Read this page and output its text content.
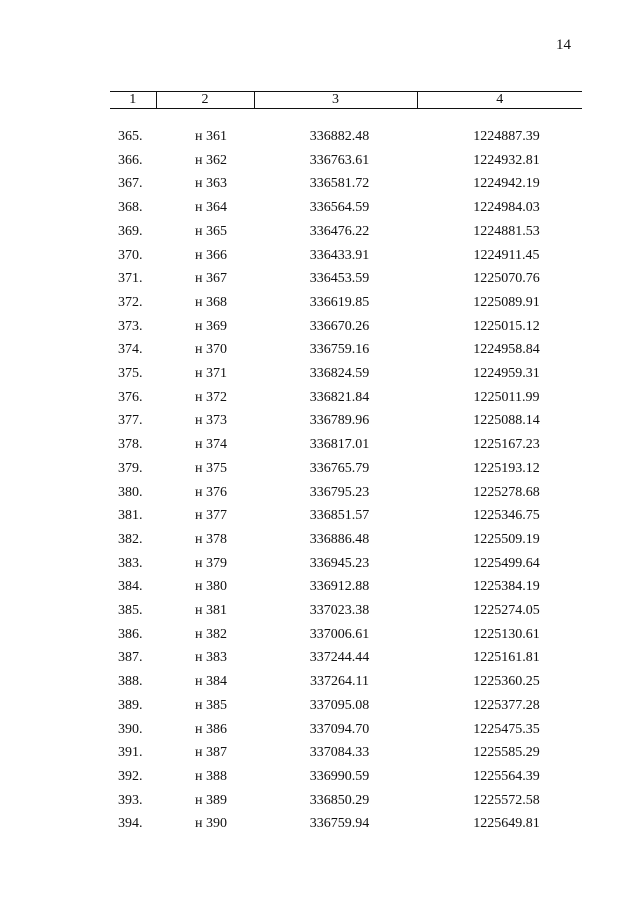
14
1	2	3	4

365.	н 361	336882.48	1224887.39
366.	н 362	336763.61	1224932.81
367.	н 363	336581.72	1224942.19
368.	н 364	336564.59	1224984.03
369.	н 365	336476.22	1224881.53
370.	н 366	336433.91	1224911.45
371.	н 367	336453.59	1225070.76
372.	н 368	336619.85	1225089.91
373.	н 369	336670.26	1225015.12
374.	н 370	336759.16	1224958.84
375.	н 371	336824.59	1224959.31
376.	н 372	336821.84	1225011.99
377.	н 373	336789.96	1225088.14
378.	н 374	336817.01	1225167.23
379.	н 375	336765.79	1225193.12
380.	н 376	336795.23	1225278.68
381.	н 377	336851.57	1225346.75
382.	н 378	336886.48	1225509.19
383.	н 379	336945.23	1225499.64
384.	н 380	336912.88	1225384.19
385.	н 381	337023.38	1225274.05
386.	н 382	337006.61	1225130.61
387.	н 383	337244.44	1225161.81
388.	н 384	337264.11	1225360.25
389.	н 385	337095.08	1225377.28
390.	н 386	337094.70	1225475.35
391.	н 387	337084.33	1225585.29
392.	н 388	336990.59	1225564.39
393.	н 389	336850.29	1225572.58
394.	н 390	336759.94	1225649.81
